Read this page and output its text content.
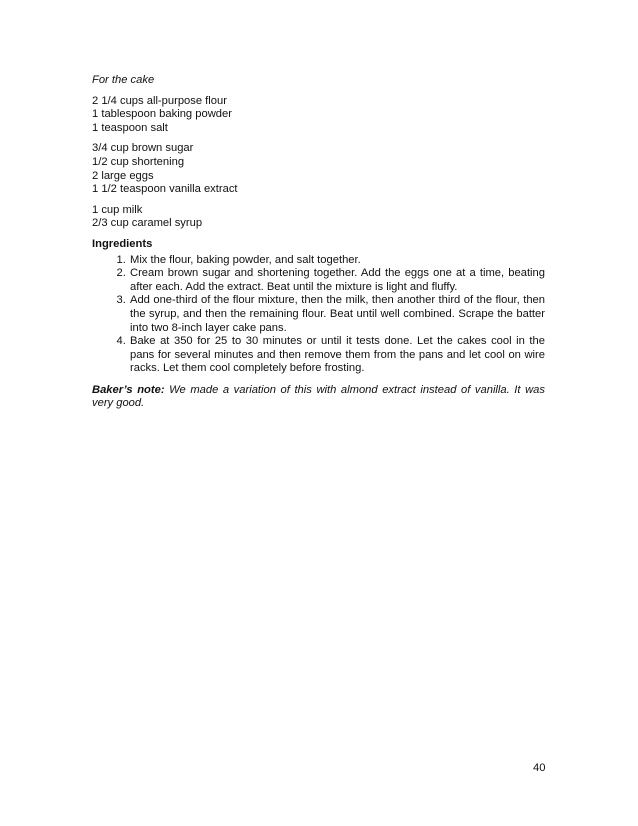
For the cake
2 1/4 cups all-purpose flour
1 tablespoon baking powder
1 teaspoon salt
3/4 cup brown sugar
1/2 cup shortening
2 large eggs
1 1/2 teaspoon vanilla extract
1 cup milk
2/3 cup caramel syrup
Ingredients
1. Mix the flour, baking powder, and salt together.
2. Cream brown sugar and shortening together. Add the eggs one at a time, beating after each. Add the extract. Beat until the mixture is light and fluffy.
3. Add one-third of the flour mixture, then the milk, then another third of the flour, then the syrup, and then the remaining flour. Beat until well combined. Scrape the batter into two 8-inch layer cake pans.
4. Bake at 350 for 25 to 30 minutes or until it tests done. Let the cakes cool in the pans for several minutes and then remove them from the pans and let cool on wire racks. Let them cool completely before frosting.

Baker’s note: We made a variation of this with almond extract instead of vanilla. It was very good.

40
